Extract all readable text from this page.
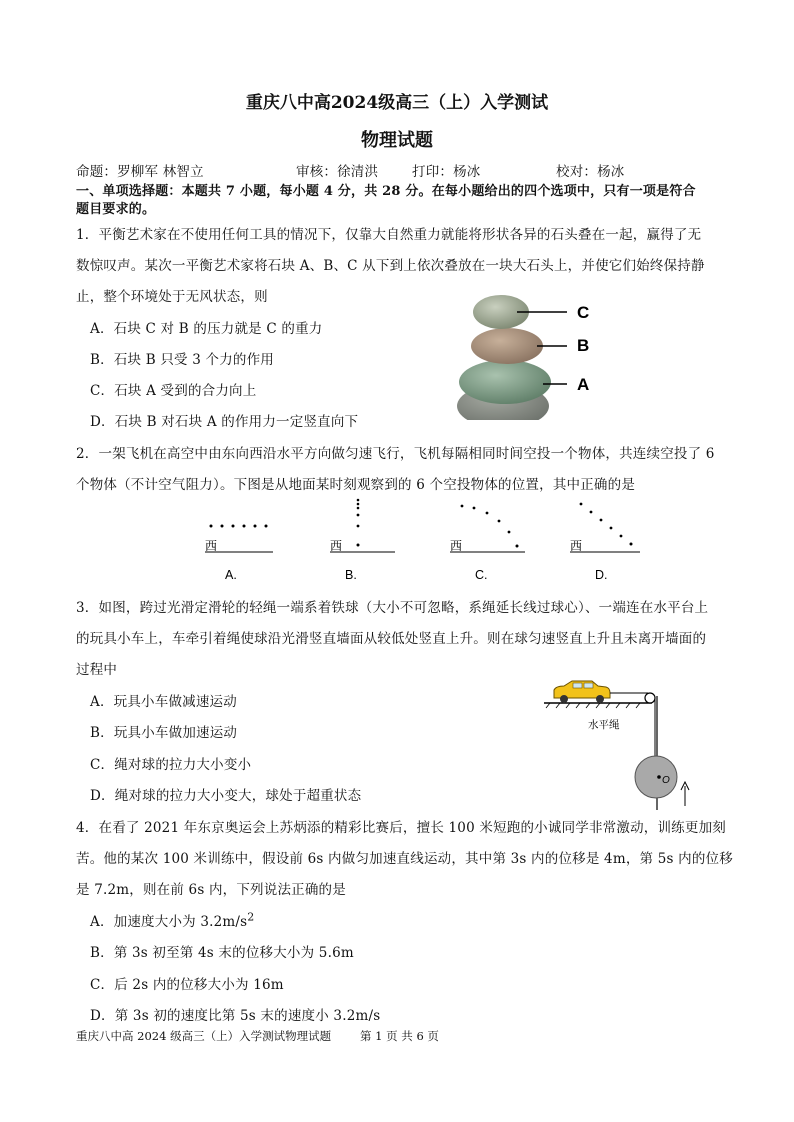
重庆八中高2024级高三（上）入学测试
物理试题
命题：罗柳军 林智立	审核：徐清洪	打印：杨冰	校对：杨冰
一、单项选择题：本题共 7 小题，每小题 4 分，共 28 分。在每小题给出的四个选项中，只有一项是符合
题目要求的。
1．平衡艺术家在不使用任何工具的情况下，仅靠大自然重力就能将形状各异的石头叠在一起，赢得了无
数惊叹声。某次一平衡艺术家将石块 A、B、C 从下到上依次叠放在一块大石头上，并使它们始终保持静
止，整个环境处于无风状态，则
A．石块 C 对 B 的压力就是 C 的重力
B．石块 B 只受 3 个力的作用
C．石块 A 受到的合力向上
D．石块 B 对石块 A 的作用力一定竖直向下
C
B
A
2．一架飞机在高空中由东向西沿水平方向做匀速飞行，飞机每隔相同时间空投一个物体，共连续空投了 6
个物体（不计空气阻力）。下图是从地面某时刻观察到的 6 个空投物体的位置，其中正确的是
西
A.
西
B.
西
C.
西
D.
3．如图，跨过光滑定滑轮的轻绳一端系着铁球（大小不可忽略，系绳延长线过球心）、一端连在水平台上
的玩具小车上，车牵引着绳使球沿光滑竖直墙面从较低处竖直上升。则在球匀速竖直上升且未离开墙面的
过程中
A．玩具小车做减速运动
B．玩具小车做加速运动
C．绳对球的拉力大小变小
D．绳对球的拉力大小变大，球处于超重状态
O
水平绳
4．在看了 2021 年东京奥运会上苏炳添的精彩比赛后，擅长 100 米短跑的小诚同学非常激动，训练更加刻
苦。他的某次 100 米训练中，假设前 6s 内做匀加速直线运动，其中第 3s 内的位移是 4m，第 5s 内的位移
是 7.2m，则在前 6s 内，下列说法正确的是
A．加速度大小为 $3.2m/s^2$
B．第 3s 初至第 4s 末的位移大小为 5.6m
C．后 2s 内的位移大小为 16m
D．第 3s 初的速度比第 5s 末的速度小 3.2m/s
重庆八中高 2024 级高三（上）入学测试物理试题	第 1 页 共 6 页
